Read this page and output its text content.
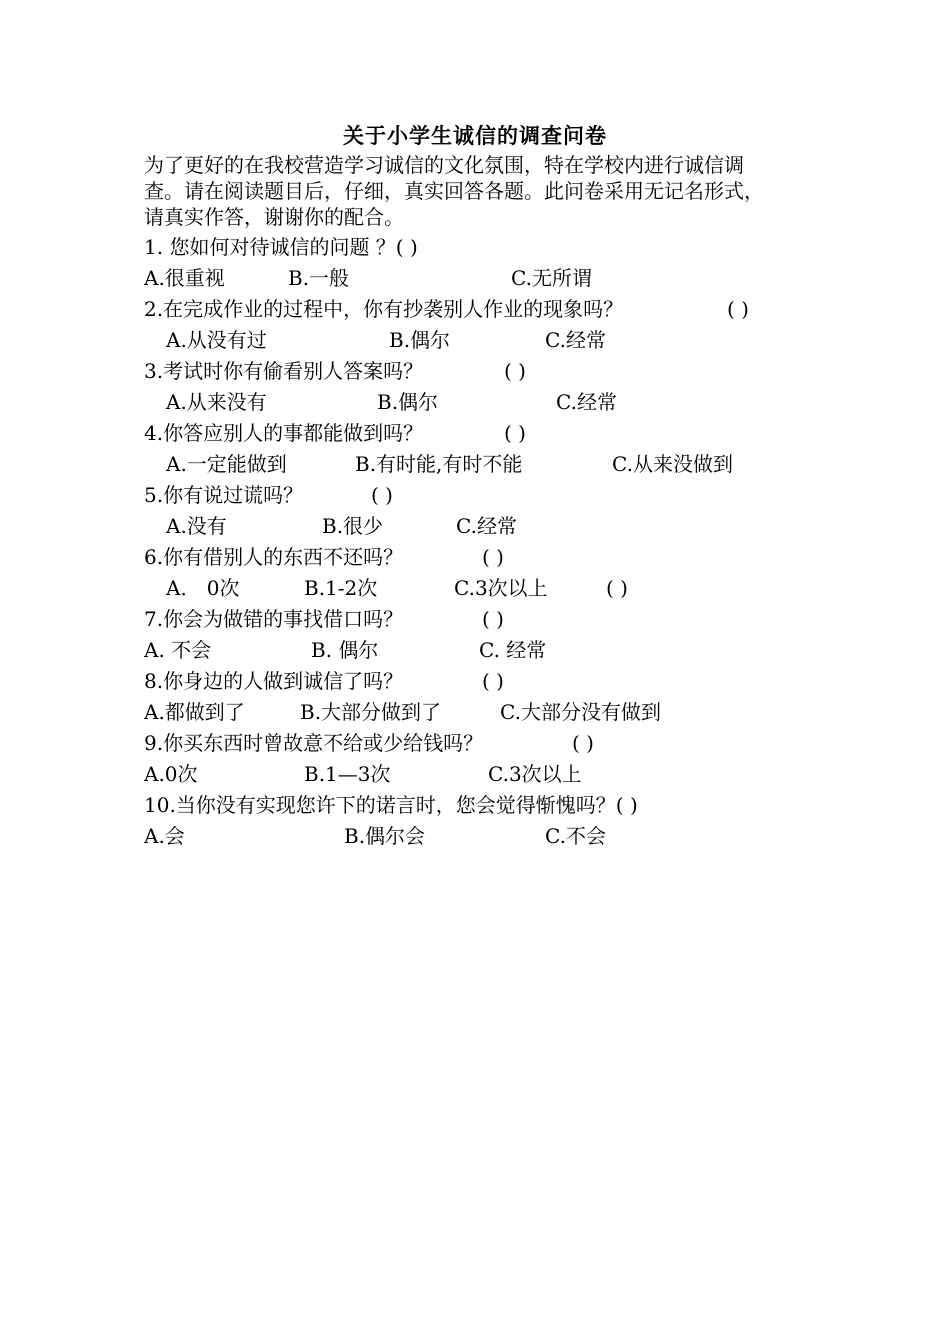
关于小学生诚信的调查问卷
为了更好的在我校营造学习诚信的文化氛围，特在学校内进行诚信调
查。请在阅读题目后，仔细，真实回答各题。此问卷采用无记名形式，
请真实作答，谢谢你的配合。
1. 您如何对待诚信的问题 ？( )
A.很重视	B.一般	C.无所谓
2.在完成作业的过程中，你有抄袭别人作业的现象吗？	( )
A.从没有过	B.偶尔	C.经常
3.考试时你有偷看别人答案吗？	( )
A.从来没有	B.偶尔	C.经常
4.你答应别人的事都能做到吗？	( )
A.一定能做到	B.有时能,有时不能	C.从来没做到
5.你有说过谎吗？	( )
A.没有	B.很少	C.经常
6.你有借别人的东西不还吗？	( )
A． 0次	B.1-2次	C.3次以上	( )
7.你会为做错的事找借口吗？	( )
A. 不会	B. 偶尔	C. 经常
8.你身边的人做到诚信了吗？	( )
A.都做到了	B.大部分做到了	C.大部分没有做到
9.你买东西时曾故意不给或少给钱吗？	( )
A.0次	B.1—3次	C.3次以上
10.当你没有实现您许下的诺言时，您会觉得惭愧吗？( )
A.会	B.偶尔会	C.不会
